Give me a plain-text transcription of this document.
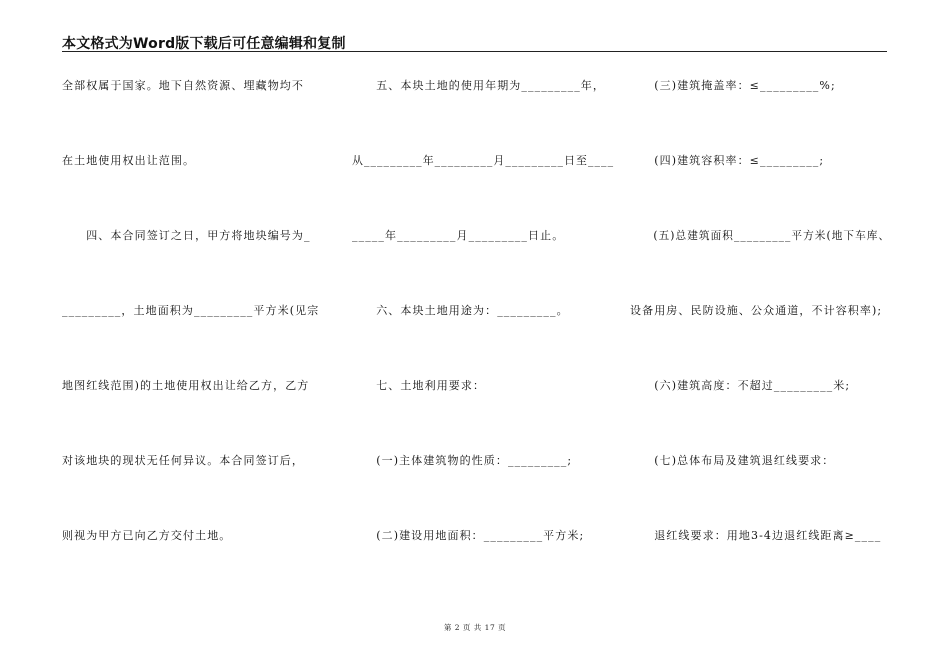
本文格式为Word版下载后可任意编辑和复制
全部权属于国家。地下自然资源、埋藏物均不
在土地使用权出让范围。
　　四、本合同签订之日，甲方将地块编号为_
_________，土地面积为_________平方米(见宗
地图红线范围)的土地使用权出让给乙方，乙方
对该地块的现状无任何异议。本合同签订后，
则视为甲方已向乙方交付土地。
　　五、本块土地的使用年期为_________年，
从_________年_________月_________日至____
_____年_________月_________日止。
　　六、本块土地用途为：_________。
　　七、土地利用要求：
　　(一)主体建筑物的性质：_________;
　　(二)建设用地面积：_________平方米;
　　(三)建筑掩盖率：≤_________%;
　　(四)建筑容积率：≤_________;
　　(五)总建筑面积_________平方米(地下车库、
设备用房、民防设施、公众通道，不计容积率);
　　(六)建筑高度：不超过_________米;
　　(七)总体布局及建筑退红线要求：
　　退红线要求：用地3-4边退红线距离≥____
第 2 页 共 17 页
